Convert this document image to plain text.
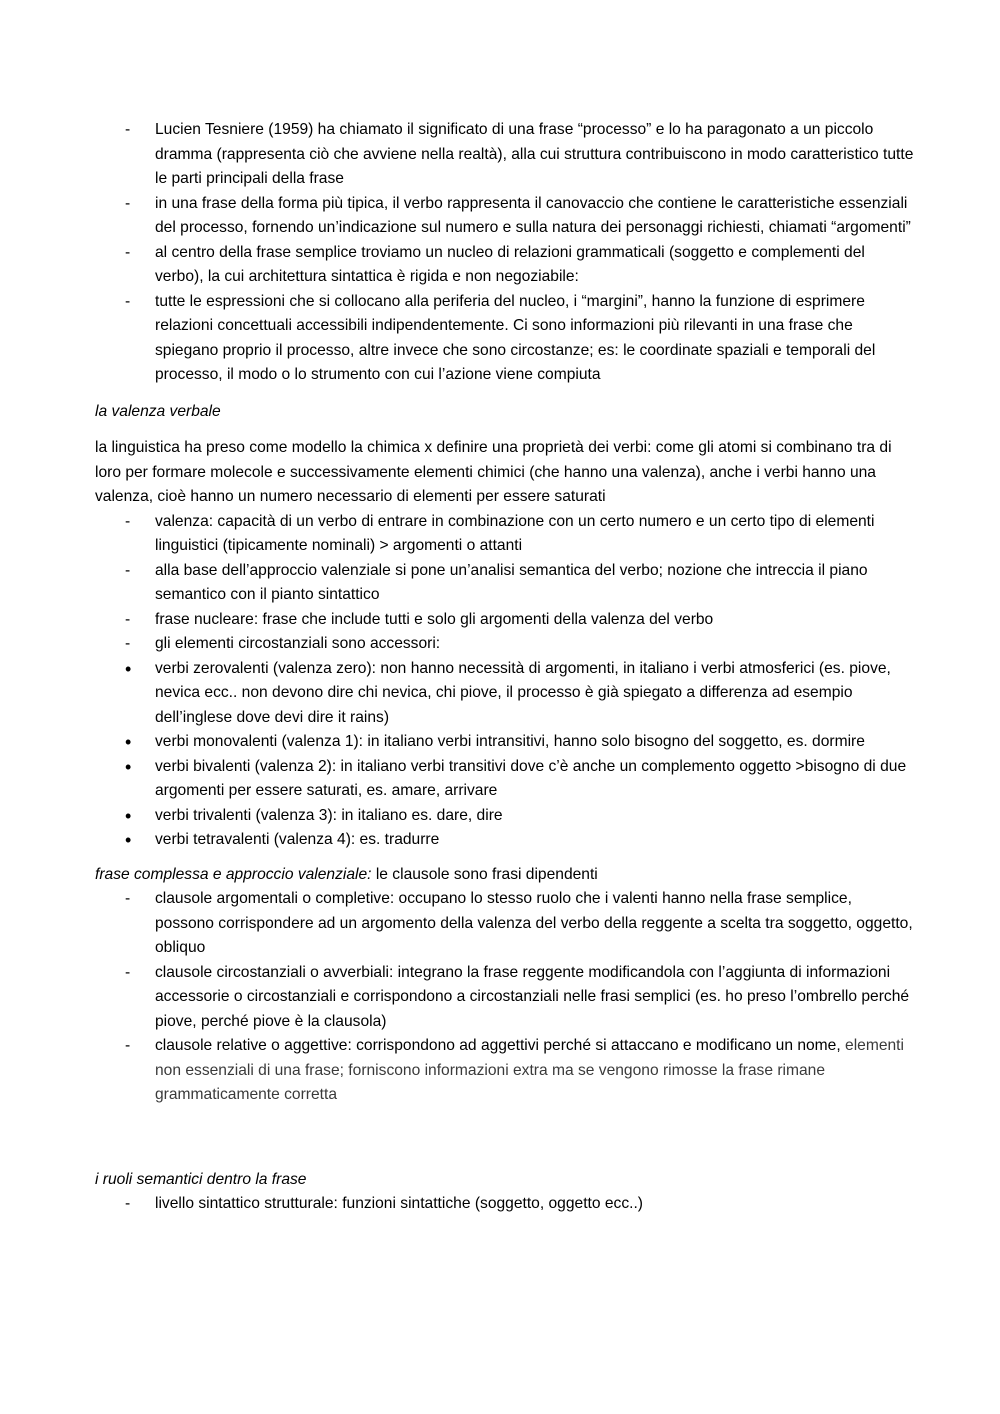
-	Lucien Tesniere (1959) ha chiamato il significato di una frase “processo” e lo ha paragonato a un piccolo dramma (rappresenta ciò che avviene nella realtà), alla cui struttura contribuiscono in modo caratteristico tutte le parti principali della frase
-	in una frase della forma più tipica, il verbo rappresenta il canovaccio che contiene le caratteristiche essenziali del processo, fornendo un’indicazione sul numero e sulla natura dei personaggi richiesti, chiamati “argomenti”
-	al centro della frase semplice troviamo un nucleo di relazioni grammaticali (soggetto e complementi del verbo), la cui architettura sintattica è rigida e non negoziabile:
-	tutte le espressioni che si collocano alla periferia del nucleo, i “margini”, hanno la funzione di esprimere relazioni concettuali accessibili indipendentemente. Ci sono informazioni più rilevanti in una frase che spiegano proprio il processo, altre invece che sono circostanze; es: le coordinate spaziali e temporali del processo, il modo o lo strumento con cui l’azione viene compiuta

la valenza verbale

la linguistica ha preso come modello la chimica x definire una proprietà dei verbi: come gli atomi si combinano tra di loro per formare molecole e successivamente elementi chimici (che hanno una valenza), anche i verbi hanno una valenza, cioè hanno un numero necessario di elementi per essere saturati

-	valenza: capacità di un verbo di entrare in combinazione con un certo numero e un certo tipo di elementi linguistici (tipicamente nominali) > argomenti o attanti
-	alla base dell’approccio valenziale si pone un’analisi semantica del verbo; nozione che intreccia il piano semantico con il pianto sintattico
-	frase nucleare: frase che include tutti e solo gli argomenti della valenza del verbo
-	gli elementi circostanziali sono accessori:
•	verbi zerovalenti (valenza zero): non hanno necessità di argomenti, in italiano i verbi atmosferici (es. piove, nevica ecc.. non devono dire chi nevica, chi piove, il processo è già spiegato a differenza ad esempio dell’inglese dove devi dire it rains)
•	verbi monovalenti (valenza 1): in italiano verbi intransitivi, hanno solo bisogno del soggetto, es. dormire
•	verbi bivalenti (valenza 2): in italiano verbi transitivi dove c’è anche un complemento oggetto >bisogno di due argomenti per essere saturati, es. amare, arrivare
•	verbi trivalenti (valenza 3): in italiano es. dare, dire
•	verbi tetravalenti (valenza 4): es. tradurre

frase complessa e approccio valenziale: le clausole sono frasi dipendenti

-	clausole argomentali o completive: occupano lo stesso ruolo che i valenti hanno nella frase semplice, possono corrispondere ad un argomento della valenza del verbo della reggente a scelta tra soggetto, oggetto, obliquo
-	clausole circostanziali o avverbiali: integrano la frase reggente modificandola con l’aggiunta di informazioni accessorie o circostanziali e corrispondono a circostanziali nelle frasi semplici (es. ho preso l’ombrello perché piove, perché piove è la clausola)
-	clausole relative o aggettive: corrispondono ad aggettivi perché si attaccano e modificano un nome, elementi non essenziali di una frase; forniscono informazioni extra ma se vengono rimosse la frase rimane grammaticamente corretta

i ruoli semantici dentro la frase

-	livello sintattico strutturale: funzioni sintattiche (soggetto, oggetto ecc..)
